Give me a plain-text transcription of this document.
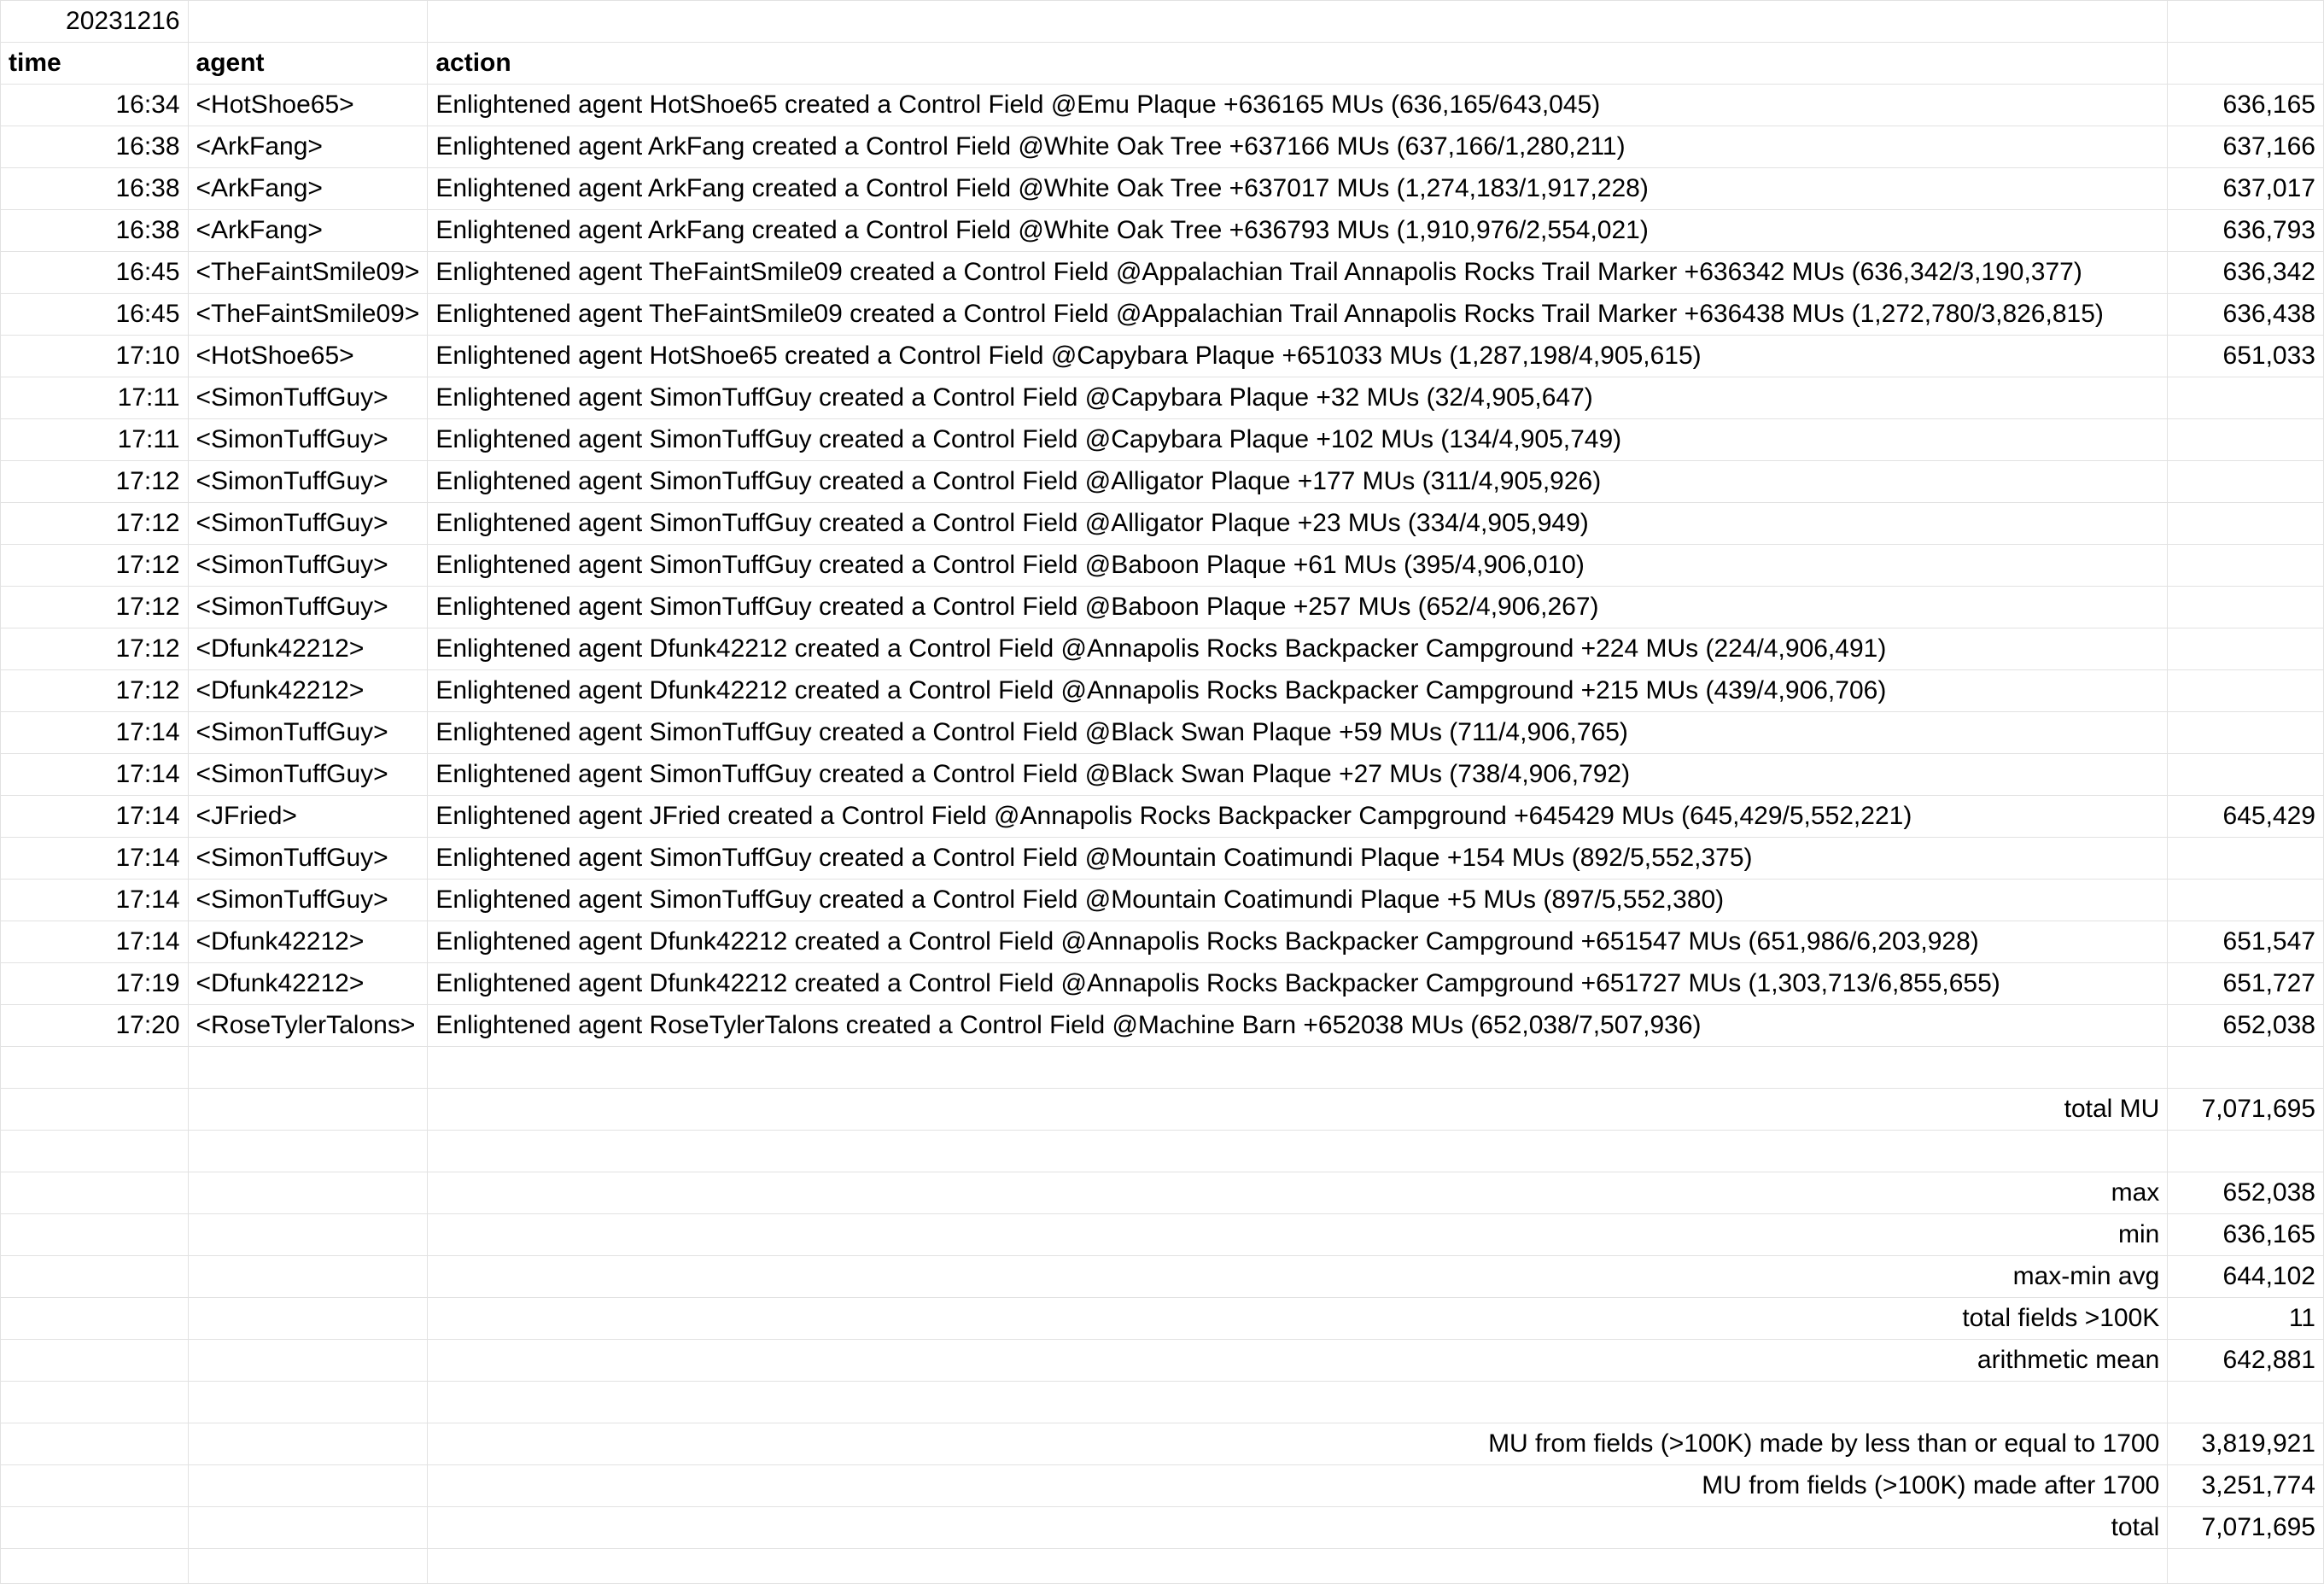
20231216			
time	agent	action	
16:34	<HotShoe65>	Enlightened agent HotShoe65 created a Control Field @Emu Plaque +636165 MUs (636,165/643,045)	636,165
16:38	<ArkFang>	Enlightened agent ArkFang created a Control Field @White Oak Tree +637166 MUs (637,166/1,280,211)	637,166
16:38	<ArkFang>	Enlightened agent ArkFang created a Control Field @White Oak Tree +637017 MUs (1,274,183/1,917,228)	637,017
16:38	<ArkFang>	Enlightened agent ArkFang created a Control Field @White Oak Tree +636793 MUs (1,910,976/2,554,021)	636,793
16:45	<TheFaintSmile09>	Enlightened agent TheFaintSmile09 created a Control Field @Appalachian Trail Annapolis Rocks Trail Marker +636342 MUs (636,342/3,190,377)	636,342
16:45	<TheFaintSmile09>	Enlightened agent TheFaintSmile09 created a Control Field @Appalachian Trail Annapolis Rocks Trail Marker +636438 MUs (1,272,780/3,826,815)	636,438
17:10	<HotShoe65>	Enlightened agent HotShoe65 created a Control Field @Capybara Plaque +651033 MUs (1,287,198/4,905,615)	651,033
17:11	<SimonTuffGuy>	Enlightened agent SimonTuffGuy created a Control Field @Capybara Plaque +32 MUs (32/4,905,647)	
17:11	<SimonTuffGuy>	Enlightened agent SimonTuffGuy created a Control Field @Capybara Plaque +102 MUs (134/4,905,749)	
17:12	<SimonTuffGuy>	Enlightened agent SimonTuffGuy created a Control Field @Alligator Plaque +177 MUs (311/4,905,926)	
17:12	<SimonTuffGuy>	Enlightened agent SimonTuffGuy created a Control Field @Alligator Plaque +23 MUs (334/4,905,949)	
17:12	<SimonTuffGuy>	Enlightened agent SimonTuffGuy created a Control Field @Baboon Plaque +61 MUs (395/4,906,010)	
17:12	<SimonTuffGuy>	Enlightened agent SimonTuffGuy created a Control Field @Baboon Plaque +257 MUs (652/4,906,267)	
17:12	<Dfunk42212>	Enlightened agent Dfunk42212 created a Control Field @Annapolis Rocks Backpacker Campground +224 MUs (224/4,906,491)	
17:12	<Dfunk42212>	Enlightened agent Dfunk42212 created a Control Field @Annapolis Rocks Backpacker Campground +215 MUs (439/4,906,706)	
17:14	<SimonTuffGuy>	Enlightened agent SimonTuffGuy created a Control Field @Black Swan Plaque +59 MUs (711/4,906,765)	
17:14	<SimonTuffGuy>	Enlightened agent SimonTuffGuy created a Control Field @Black Swan Plaque +27 MUs (738/4,906,792)	
17:14	<JFried>	Enlightened agent JFried created a Control Field @Annapolis Rocks Backpacker Campground +645429 MUs (645,429/5,552,221)	645,429
17:14	<SimonTuffGuy>	Enlightened agent SimonTuffGuy created a Control Field @Mountain Coatimundi Plaque +154 MUs (892/5,552,375)	
17:14	<SimonTuffGuy>	Enlightened agent SimonTuffGuy created a Control Field @Mountain Coatimundi Plaque +5 MUs (897/5,552,380)	
17:14	<Dfunk42212>	Enlightened agent Dfunk42212 created a Control Field @Annapolis Rocks Backpacker Campground +651547 MUs (651,986/6,203,928)	651,547
17:19	<Dfunk42212>	Enlightened agent Dfunk42212 created a Control Field @Annapolis Rocks Backpacker Campground +651727 MUs (1,303,713/6,855,655)	651,727
17:20	<RoseTylerTalons>	Enlightened agent RoseTylerTalons created a Control Field @Machine Barn +652038 MUs (652,038/7,507,936)	652,038

		total MU	7,071,695

		max	652,038
		min	636,165
		max-min avg	644,102
		total fields >100K	11
		arithmetic mean	642,881

		MU from fields (>100K) made by less than or equal to 1700	3,819,921
		MU from fields (>100K) made after 1700	3,251,774
		total	7,071,695
